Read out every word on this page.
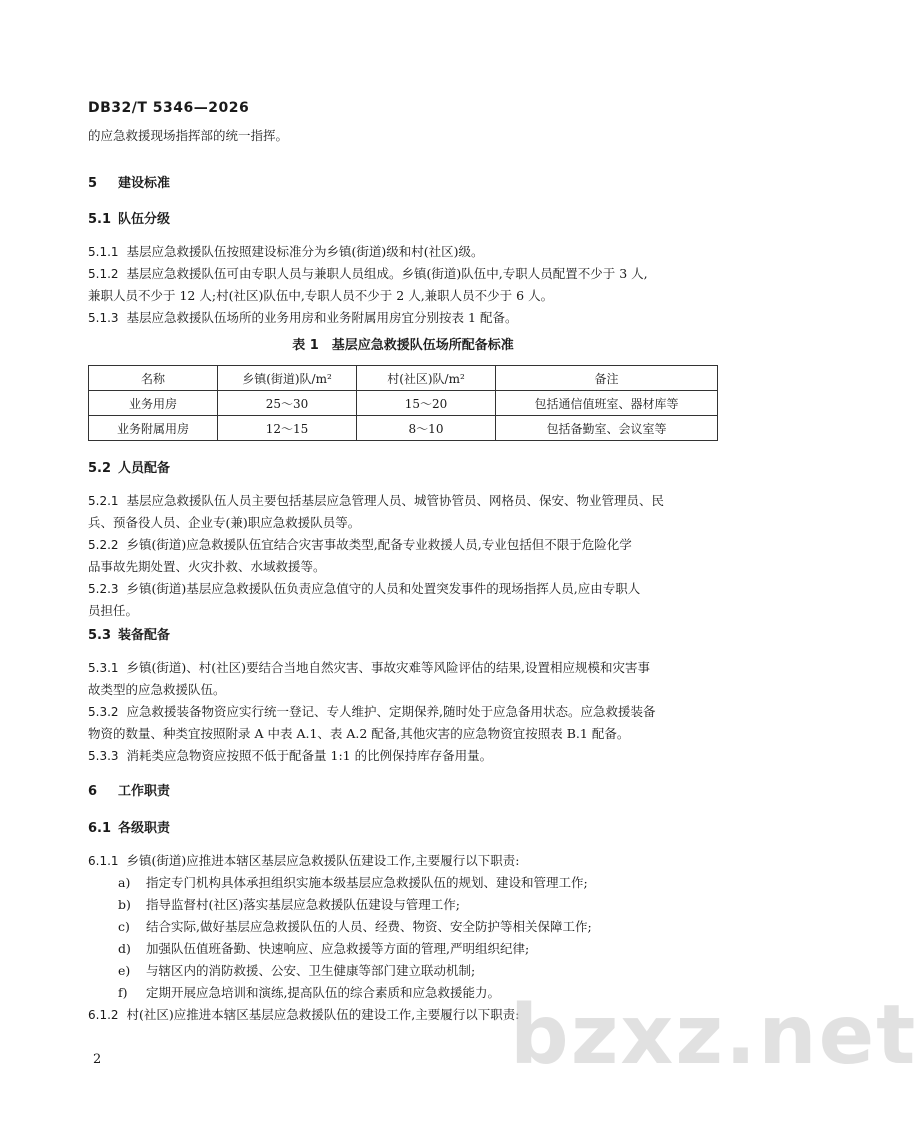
DB32/T 5346—2026
的应急救援现场指挥部的统一指挥。
5 建设标准
5.1 队伍分级
5.1.1 基层应急救援队伍按照建设标准分为乡镇(街道)级和村(社区)级。
5.1.2 基层应急救援队伍可由专职人员与兼职人员组成。乡镇(街道)队伍中,专职人员配置不少于 3 人,
兼职人员不少于 12 人;村(社区)队伍中,专职人员不少于 2 人,兼职人员不少于 6 人。
5.1.3 基层应急救援队伍场所的业务用房和业务附属用房宜分别按表 1 配备。
表 1　基层应急救援队伍场所配备标准
名称	乡镇(街道)队/m²	村(社区)队/m²	备注
业务用房	25～30	15～20	包括通信值班室、器材库等
业务附属用房	12～15	8～10	包括备勤室、会议室等
5.2 人员配备
5.2.1 基层应急救援队伍人员主要包括基层应急管理人员、城管协管员、网格员、保安、物业管理员、民
兵、预备役人员、企业专(兼)职应急救援队员等。
5.2.2 乡镇(街道)应急救援队伍宜结合灾害事故类型,配备专业救援人员,专业包括但不限于危险化学
品事故先期处置、火灾扑救、水域救援等。
5.2.3 乡镇(街道)基层应急救援队伍负责应急值守的人员和处置突发事件的现场指挥人员,应由专职人
员担任。
5.3 装备配备
5.3.1 乡镇(街道)、村(社区)要结合当地自然灾害、事故灾难等风险评估的结果,设置相应规模和灾害事
故类型的应急救援队伍。
5.3.2 应急救援装备物资应实行统一登记、专人维护、定期保养,随时处于应急备用状态。应急救援装备
物资的数量、种类宜按照附录 A 中表 A.1、表 A.2 配备,其他灾害的应急物资宜按照表 B.1 配备。
5.3.3 消耗类应急物资应按照不低于配备量 1:1 的比例保持库存备用量。
6 工作职责
6.1 各级职责
6.1.1 乡镇(街道)应推进本辖区基层应急救援队伍建设工作,主要履行以下职责:
a) 指定专门机构具体承担组织实施本级基层应急救援队伍的规划、建设和管理工作;
b) 指导监督村(社区)落实基层应急救援队伍建设与管理工作;
c) 结合实际,做好基层应急救援队伍的人员、经费、物资、安全防护等相关保障工作;
d) 加强队伍值班备勤、快速响应、应急救援等方面的管理,严明组织纪律;
e) 与辖区内的消防救援、公安、卫生健康等部门建立联动机制;
f) 定期开展应急培训和演练,提高队伍的综合素质和应急救援能力。
6.1.2 村(社区)应推进本辖区基层应急救援队伍的建设工作,主要履行以下职责:
bzxz.net
2
